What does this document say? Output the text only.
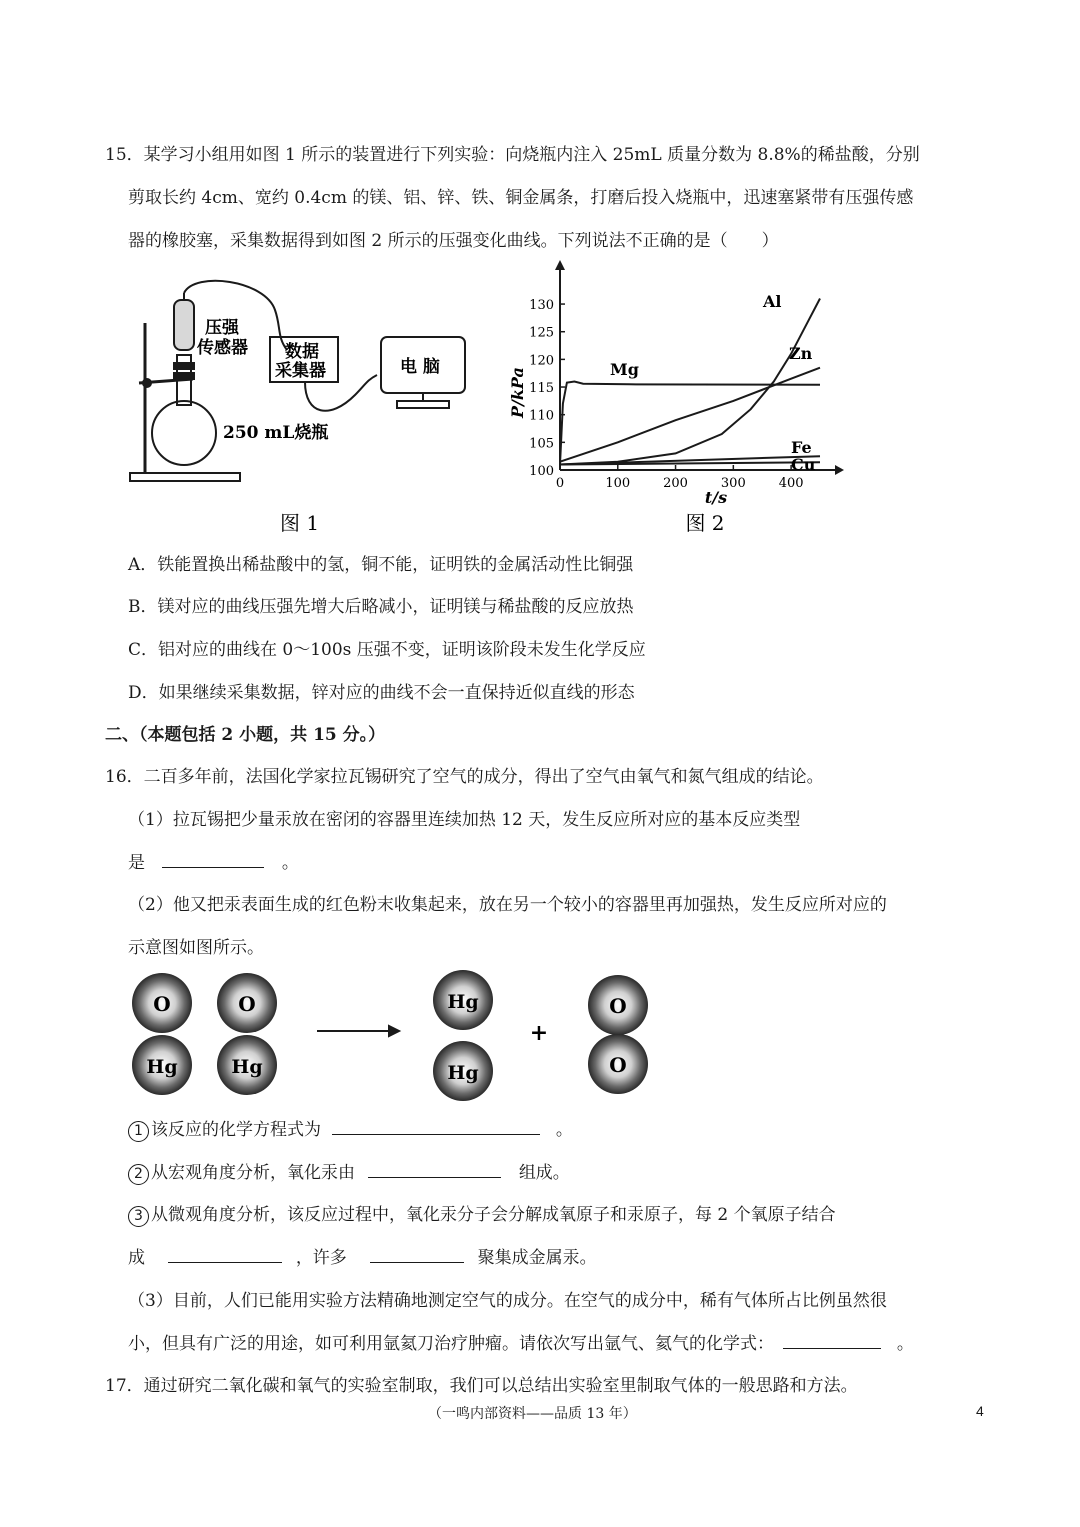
15．某学习小组用如图 1 所示的装置进行下列实验：向烧瓶内注入 25mL 质量分数为 8.8%的稀盐酸，分别
剪取长约 4cm、宽约 0.4cm 的镁、铝、锌、铁、铜金属条，打磨后投入烧瓶中，迅速塞紧带有压强传感
器的橡胶塞，采集数据得到如图 2 所示的压强变化曲线。下列说法不正确的是（　　）
压强
传感器 数据
采集器	电 脑
250 mL烧瓶
图 1
100
105
110
115
120
125
130
0	100	200	300	400
t/s
P/kPa	Mg
Al
Zn
Fe
Cu
图 2
A．铁能置换出稀盐酸中的氢，铜不能，证明铁的金属活动性比铜强
B．镁对应的曲线压强先增大后略减小，证明镁与稀盐酸的反应放热
C．铝对应的曲线在 0～100s 压强不变，证明该阶段未发生化学反应
D．如果继续采集数据，锌对应的曲线不会一直保持近似直线的形态
二、（本题包括 2 小题，共 15 分。）
16．二百多年前，法国化学家拉瓦锡研究了空气的成分，得出了空气由氧气和氮气组成的结论。
（1）拉瓦锡把少量汞放在密闭的容器里连续加热 12 天，发生反应所对应的基本反应类型
是	。
（2）他又把汞表面生成的红色粉末收集起来，放在另一个较小的容器里再加强热，发生反应所对应的
示意图如图所示。
O
Hg
O
Hg
Hg
Hg
+
O
O
1 该反应的化学方程式为	。
2 从宏观角度分析，氧化汞由	组成。
3 从微观角度分析，该反应过程中，氧化汞分子会分解成氧原子和汞原子，每 2 个氧原子结合
成	，许多	聚集成金属汞。
（3）目前，人们已能用实验方法精确地测定空气的成分。在空气的成分中，稀有气体所占比例虽然很
小，但具有广泛的用途，如可利用氩氦刀治疗肿瘤。请依次写出氩气、氦气的化学式：	。
17．通过研究二氧化碳和氧气的实验室制取，我们可以总结出实验室里制取气体的一般思路和方法。
（一鸣内部资料——品质 13 年）	4
